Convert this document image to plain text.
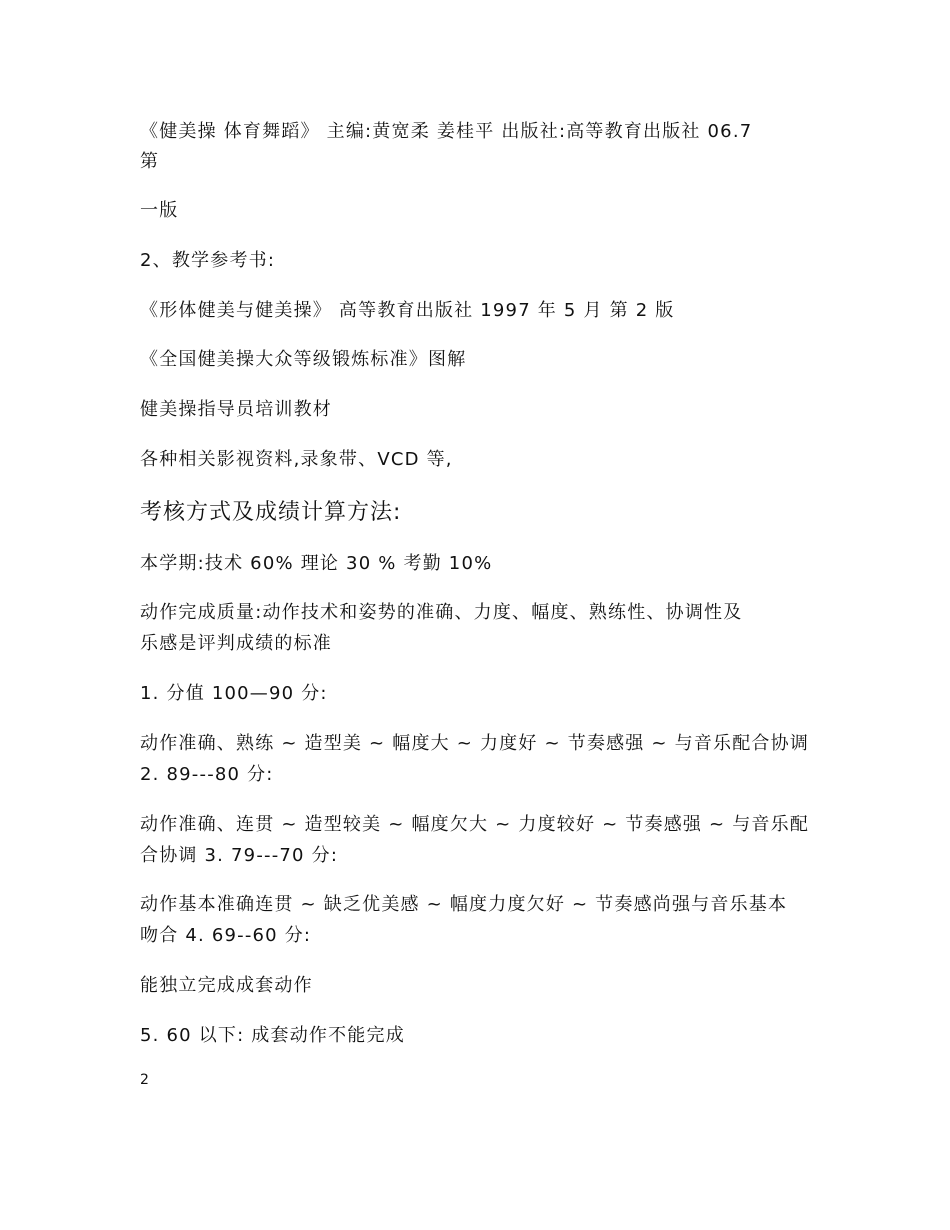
《健美操 体育舞蹈》 主编:黄宽柔 姜桂平 出版社:高等教育出版社 06.7
第
一版
2、教学参考书:
《形体健美与健美操》 高等教育出版社 1997 年 5 月 第 2 版
《全国健美操大众等级锻炼标准》图解
健美操指导员培训教材
各种相关影视资料,录象带、VCD 等,
考核方式及成绩计算方法:
本学期:技术 60% 理论 30 % 考勤 10%
动作完成质量:动作技术和姿势的准确、力度、幅度、熟练性、协调性及
乐感是评判成绩的标准
1. 分值 100—90 分:
动作准确、熟练 ~ 造型美 ~ 幅度大 ~ 力度好 ~ 节奏感强 ~ 与音乐配合协调
2. 89---80 分:
动作准确、连贯 ~ 造型较美 ~ 幅度欠大 ~ 力度较好 ~ 节奏感强 ~ 与音乐配
合协调 3. 79---70 分:
动作基本准确连贯 ~ 缺乏优美感 ~ 幅度力度欠好 ~ 节奏感尚强与音乐基本
吻合 4. 69--60 分:
能独立完成成套动作
5. 60 以下: 成套动作不能完成
2
